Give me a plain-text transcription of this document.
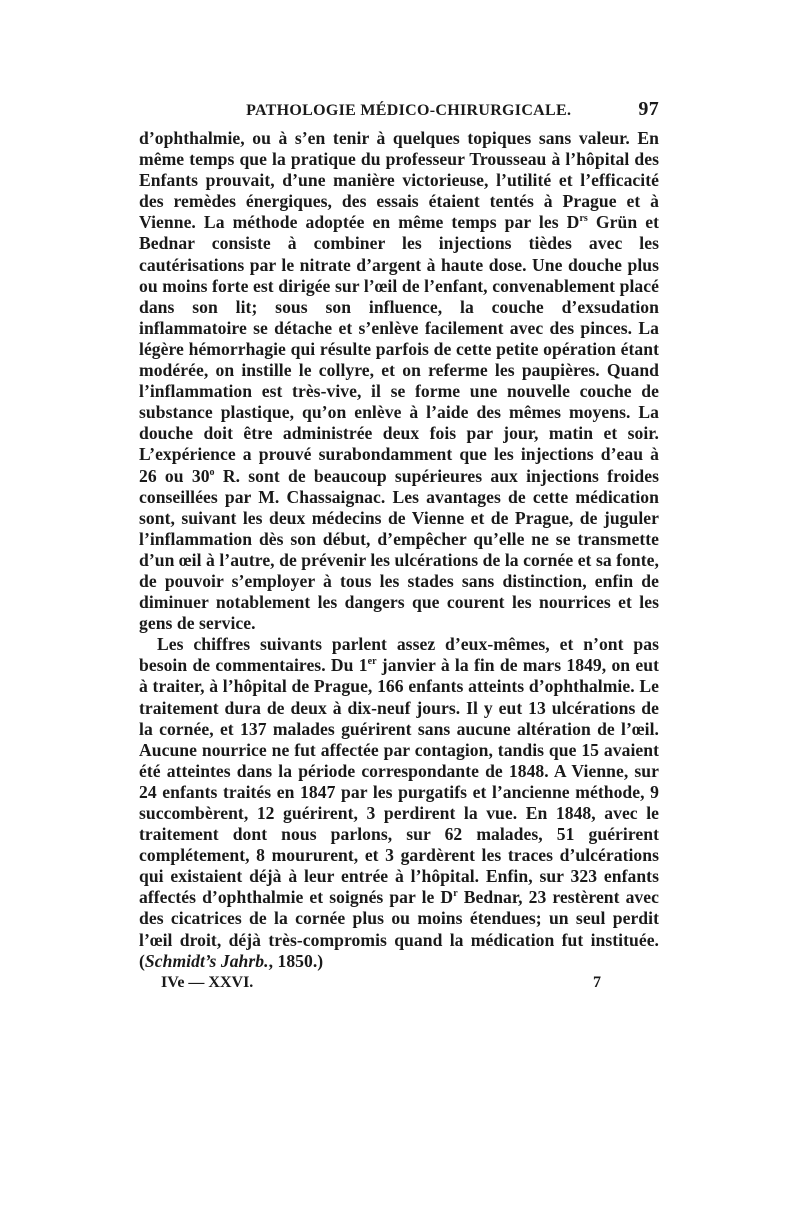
PATHOLOGIE MÉDICO-CHIRURGICALE.	97

d’ophthalmie, ou à s’en tenir à quelques topiques sans valeur. En même temps que la pratique du professeur Trousseau à l’hôpital des Enfants prouvait, d’une manière victorieuse, l’utilité et l’efficacité des remèdes énergiques, des essais étaient tentés à Prague et à Vienne. La méthode adoptée en même temps par les $D^{rs}$ Grün et Bednar consiste à combiner les injections tièdes avec les cautérisations par le nitrate d’argent à haute dose. Une douche plus ou moins forte est dirigée sur l’œil de l’enfant, convenablement placé dans son lit; sous son influence, la couche d’exsudation inflammatoire se détache et s’enlève facilement avec des pinces. La légère hémorrhagie qui résulte parfois de cette petite opération étant modérée, on instille le collyre, et on referme les paupières. Quand l’inflammation est très-vive, il se forme une nouvelle couche de substance plastique, qu’on enlève à l’aide des mêmes moyens. La douche doit être administrée deux fois par jour, matin et soir. L’expérience a prouvé surabondamment que les injections d’eau à 26 ou 30$^o$ R. sont de beaucoup supérieures aux injections froides conseillées par M. Chassaignac. Les avantages de cette médication sont, suivant les deux médecins de Vienne et de Prague, de juguler l’inflammation dès son début, d’empêcher qu’elle ne se transmette d’un œil à l’autre, de prévenir les ulcérations de la cornée et sa fonte, de pouvoir s’employer à tous les stades sans distinction, enfin de diminuer notablement les dangers que courent les nourrices et les gens de service.

Les chiffres suivants parlent assez d’eux-mêmes, et n’ont pas besoin de commentaires. Du 1er janvier à la fin de mars 1849, on eut à traiter, à l’hôpital de Prague, 166 enfants atteints d’ophthalmie. Le traitement dura de deux à dix-neuf jours. Il y eut 13 ulcérations de la cornée, et 137 malades guérirent sans aucune altération de l’œil. Aucune nourrice ne fut affectée par contagion, tandis que 15 avaient été atteintes dans la période correspondante de 1848. A Vienne, sur 24 enfants traités en 1847 par les purgatifs et l’ancienne méthode, 9 succombèrent, 12 guérirent, 3 perdirent la vue. En 1848, avec le traitement dont nous parlons, sur 62 malades, 51 guérirent complétement, 8 moururent, et 3 gardèrent les traces d’ulcérations qui existaient déjà à leur entrée à l’hôpital. Enfin, sur 323 enfants affectés d’ophthalmie et soignés par le $D^r$ Bednar, 23 restèrent avec des cicatrices de la cornée plus ou moins étendues; un seul perdit l’œil droit, déjà très-compromis quand la médication fut instituée. (Schmidt’s Jahrb., 1850.)

IVe — XXVI.	7
